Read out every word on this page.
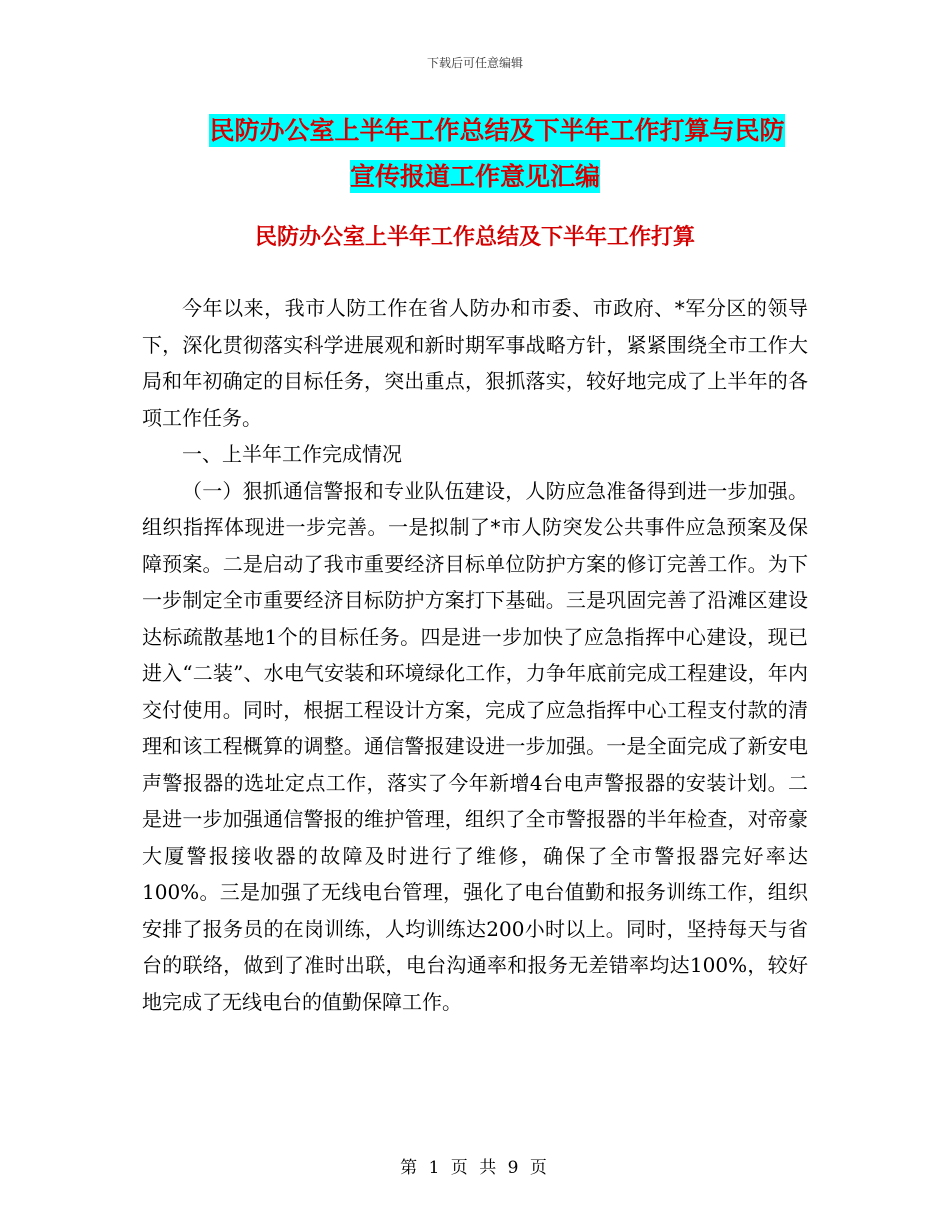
下载后可任意编辑
民防办公室上半年工作总结及下半年工作打算与民防
宣传报道工作意见汇编
民防办公室上半年工作总结及下半年工作打算

今年以来，我市人防工作在省人防办和市委、市政府、*军分区的领导下，深化贯彻落实科学进展观和新时期军事战略方针，紧紧围绕全市工作大局和年初确定的目标任务，突出重点，狠抓落实，较好地完成了上半年的各项工作任务。

一、上半年工作完成情况

（一）狠抓通信警报和专业队伍建设，人防应急准备得到进一步加强。组织指挥体现进一步完善。一是拟制了*市人防突发公共事件应急预案及保障预案。二是启动了我市重要经济目标单位防护方案的修订完善工作。为下一步制定全市重要经济目标防护方案打下基础。三是巩固完善了沿滩区建设达标疏散基地1个的目标任务。四是进一步加快了应急指挥中心建设，现已进入“二装”、水电气安装和环境绿化工作，力争年底前完成工程建设，年内交付使用。同时，根据工程设计方案，完成了应急指挥中心工程支付款的清理和该工程概算的调整。通信警报建设进一步加强。一是全面完成了新安电声警报器的选址定点工作，落实了今年新增4台电声警报器的安装计划。二是进一步加强通信警报的维护管理，组织了全市警报器的半年检查，对帝豪大厦警报接收器的故障及时进行了维修，确保了全市警报器完好率达100%。三是加强了无线电台管理，强化了电台值勤和报务训练工作，组织安排了报务员的在岗训练，人均训练达200小时以上。同时，坚持每天与省台的联络，做到了准时出联，电台沟通率和报务无差错率均达100%，较好地完成了无线电台的值勤保障工作。

第 1 页 共 9 页
